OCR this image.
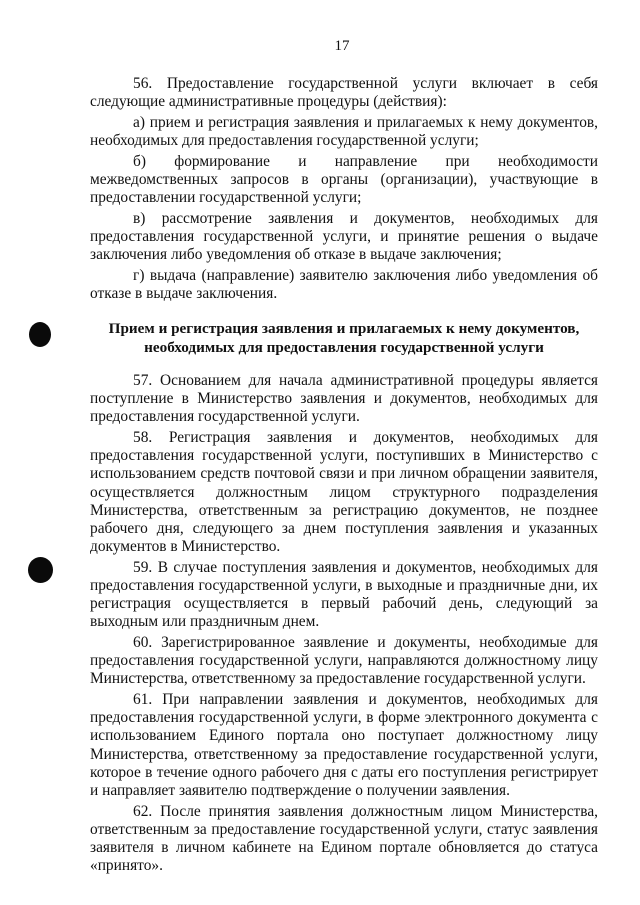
17

56. Предоставление государственной услуги включает в себя следующие административные процедуры (действия):

а) прием и регистрация заявления и прилагаемых к нему документов, необходимых для предоставления государственной услуги;

б) формирование и направление при необходимости межведомственных запросов в органы (организации), участвующие в предоставлении государственной услуги;

в) рассмотрение заявления и документов, необходимых для предоставления государственной услуги, и принятие решения о выдаче заключения либо уведомления об отказе в выдаче заключения;

г) выдача (направление) заявителю заключения либо уведомления об отказе в выдаче заключения.

Прием и регистрация заявления и прилагаемых к нему документов,
необходимых для предоставления государственной услуги

57. Основанием для начала административной процедуры является поступление в Министерство заявления и документов, необходимых для предоставления государственной услуги.

58. Регистрация заявления и документов, необходимых для предоставления государственной услуги, поступивших в Министерство с использованием средств почтовой связи и при личном обращении заявителя, осуществляется должностным лицом структурного подразделения Министерства, ответственным за регистрацию документов, не позднее рабочего дня, следующего за днем поступления заявления и указанных документов в Министерство.

59. В случае поступления заявления и документов, необходимых для предоставления государственной услуги, в выходные и праздничные дни, их регистрация осуществляется в первый рабочий день, следующий за выходным или праздничным днем.

60. Зарегистрированное заявление и документы, необходимые для предоставления государственной услуги, направляются должностному лицу Министерства, ответственному за предоставление государственной услуги.

61. При направлении заявления и документов, необходимых для предоставления государственной услуги, в форме электронного документа с использованием Единого портала оно поступает должностному лицу Министерства, ответственному за предоставление государственной услуги, которое в течение одного рабочего дня с даты его поступления регистрирует и направляет заявителю подтверждение о получении заявления.

62. После принятия заявления должностным лицом Министерства, ответственным за предоставление государственной услуги, статус заявления заявителя в личном кабинете на Едином портале обновляется до статуса «принято».
